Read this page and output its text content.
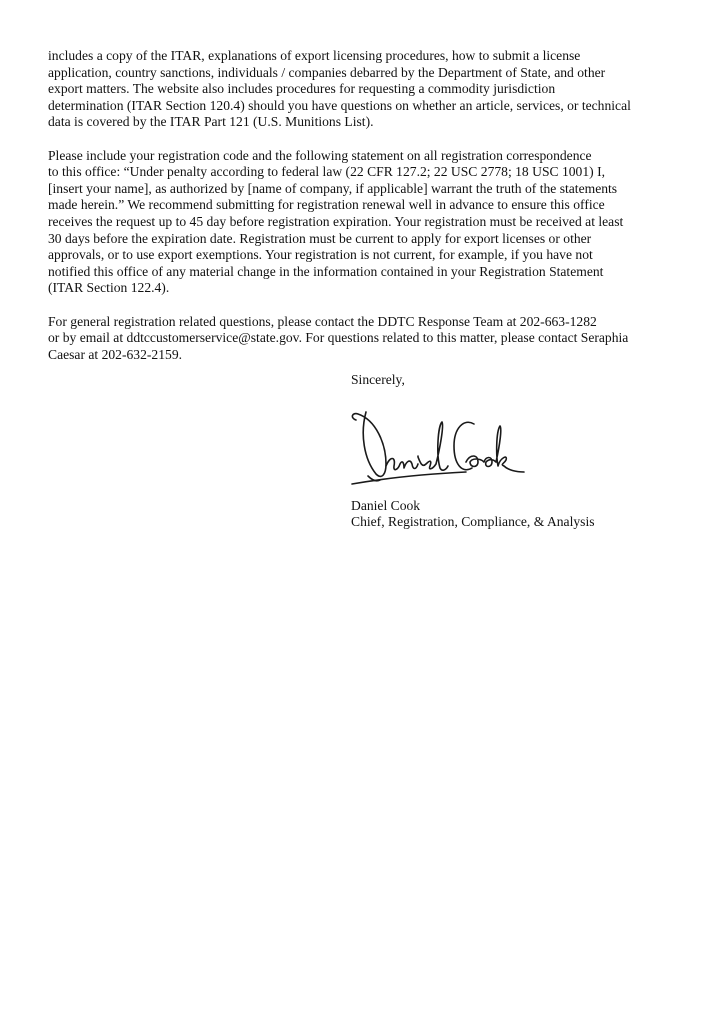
includes a copy of the ITAR, explanations of export licensing procedures, how to submit a license
application, country sanctions, individuals / companies debarred by the Department of State, and other
export matters. The website also includes procedures for requesting a commodity jurisdiction
determination (ITAR Section 120.4) should you have questions on whether an article, services, or technical
data is covered by the ITAR Part 121 (U.S. Munitions List).

Please include your registration code and the following statement on all registration correspondence
to this office: “Under penalty according to federal law (22 CFR 127.2; 22 USC 2778; 18 USC 1001) I,
[insert your name], as authorized by [name of company, if applicable] warrant the truth of the statements
made herein.” We recommend submitting for registration renewal well in advance to ensure this office
receives the request up to 45 day before registration expiration. Your registration must be received at least
30 days before the expiration date. Registration must be current to apply for export licenses or other
approvals, or to use export exemptions. Your registration is not current, for example, if you have not
notified this office of any material change in the information contained in your Registration Statement
(ITAR Section 122.4).

For general registration related questions, please contact the DDTC Response Team at 202-663-1282
or by email at ddtccustomerservice@state.gov. For questions related to this matter, please contact Seraphia
Caesar at 202-632-2159.

Sincerely,
Daniel Cook
Chief, Registration, Compliance, & Analysis
